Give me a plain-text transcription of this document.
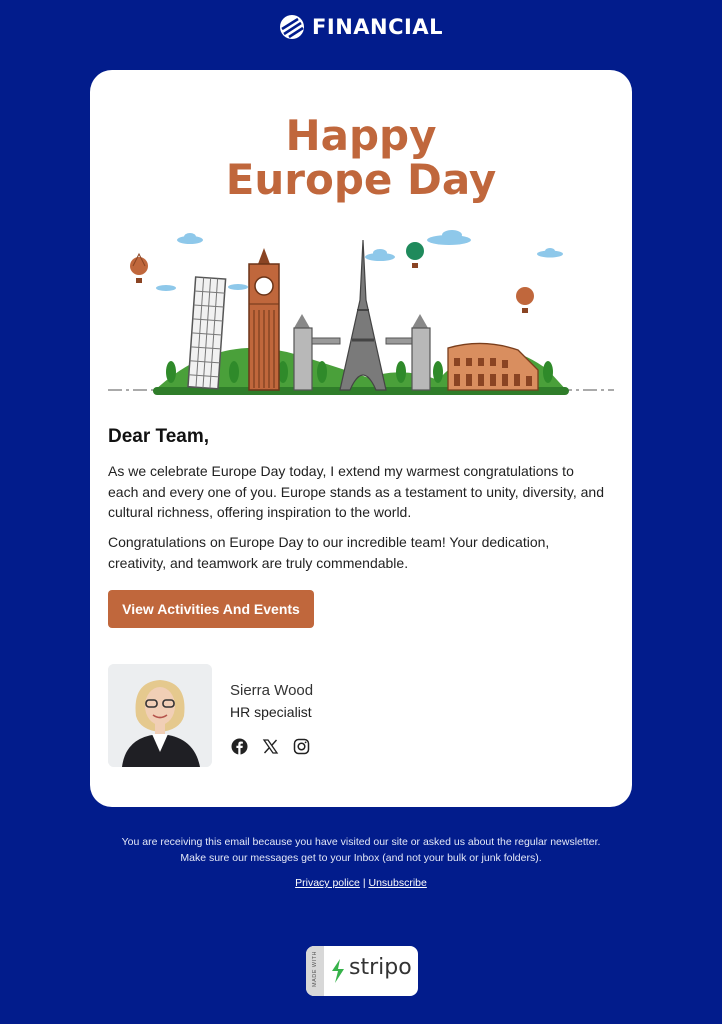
FINANCIAL
Happy
Europe Day
Dear Team,

As we celebrate Europe Day today, I extend my warmest congratulations to each and every one of you. Europe stands as a testament to unity, diversity, and cultural richness, offering inspiration to the world.

Congratulations on Europe Day to our incredible team! Your dedication, creativity, and teamwork are truly commendable.

View Activities And Events

Sierra Wood

HR specialist

You are receiving this email because you have visited our site or asked us about the regular newsletter.

Make sure our messages get to your Inbox (and not your bulk or junk folders).

Privacy police | Unsubscribe
MADE WITH stripo
